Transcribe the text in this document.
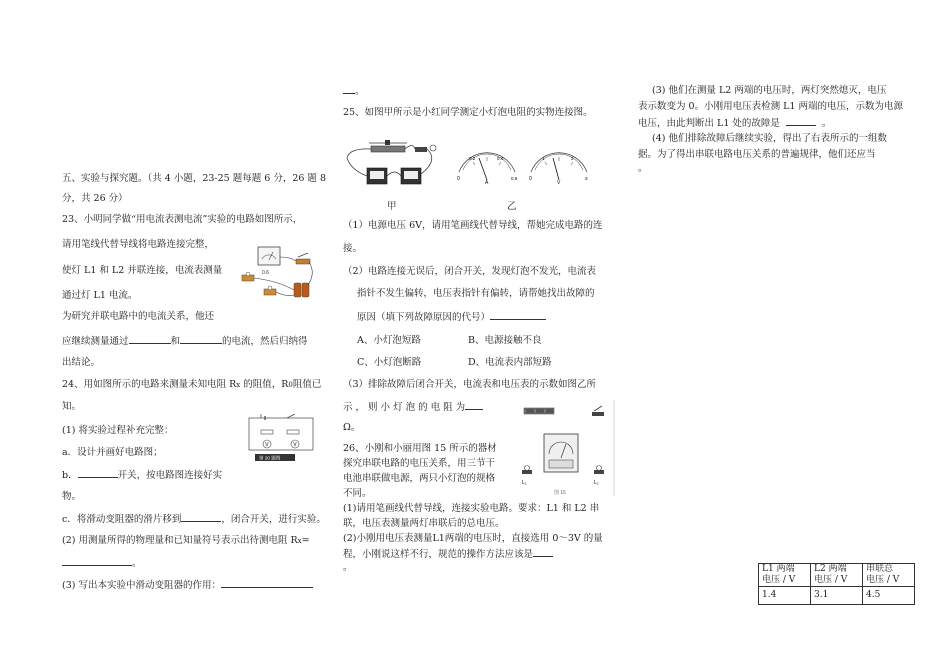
五、实验与探究题。（共 4 小题，23-25 题每题 6 分，26 题 8
分，共 26 分）
23、小明同学做“用电流表测电流”实验的电路如图所示，
请用笔线代替导线将电路连接完整，
使灯 L1 和 L2 并联连接，电流表测量
通过灯 L1 电流。
为研究并联电路中的电流关系，他还
应继续测量通过	和	的电流，然后归纳得
出结论。
24、用如图所示的电路来测量未知电阻 Rx 的阻值，R0阻值已
知。
(1) 将实验过程补充完整：
a．设计并画好电路图；
b．	开关，按电路图连接好实
物。
c．将滑动变阻器的滑片移到	，闭合开关，进行实验。
(2) 用测量所得的物理量和已知量符号表示出待测电阻 Rx=
。
(3) 写出本实验中滑动变阻器的作用：
0.6
V	V
第 20 题图
。
25、如图甲所示是小红同学测定小灯泡电阻的实物连接图。
乙
甲
（1）电源电压 6V，请用笔画线代替导线，帮她完成电路的连
接。
（2）电路连接无误后，闭合开关，发现灯泡不发光，电流表
指针不发生偏转，电压表指针有偏转，请帮她找出故障的
原因（填下列故障原因的代号）
A、小灯泡短路	B、电源接触不良
C、小灯泡断路	D、电流表内部短路
（3）排除故障后闭合开关，电流表和电压表的示数如图乙所
示 ， 则 小 灯 泡 的 电 阻 为
Ω。
26、小刚和小丽用图 15 所示的器材
探究串联电路的电压关系，用三节干
电池串联做电源，两只小灯泡的规格
不同。
(1)请用笔画线代替导线，连接实验电路。要求：L1 和 L2 串
联，电压表测量两灯串联后的总电压。
(2)小刚用电压表测量L1两端的电压时，直接选用 0～3V 的量
程，小刚说这样不行，规范的操作方法应该是
。
0
0.2	0.4
0.6
A
0
1	2
3
V
L₁	L₂
图 15
(3) 他们在测量 L2 两端的电压时，两灯突然熄灭，电压
表示数变为 0。小刚用电压表检测 L1 两端的电压，示数为电源
电压，由此判断出 L1 处的故障是	。
(4) 他们排除故障后继续实验，得出了右表所示的一组数
据。为了得出串联电路电压关系的普遍规律，他们还应当
。
L1 两端
电压 / V	L2 两端
电压 / V	串联总
电压 / V
1.4	3.1	4.5
